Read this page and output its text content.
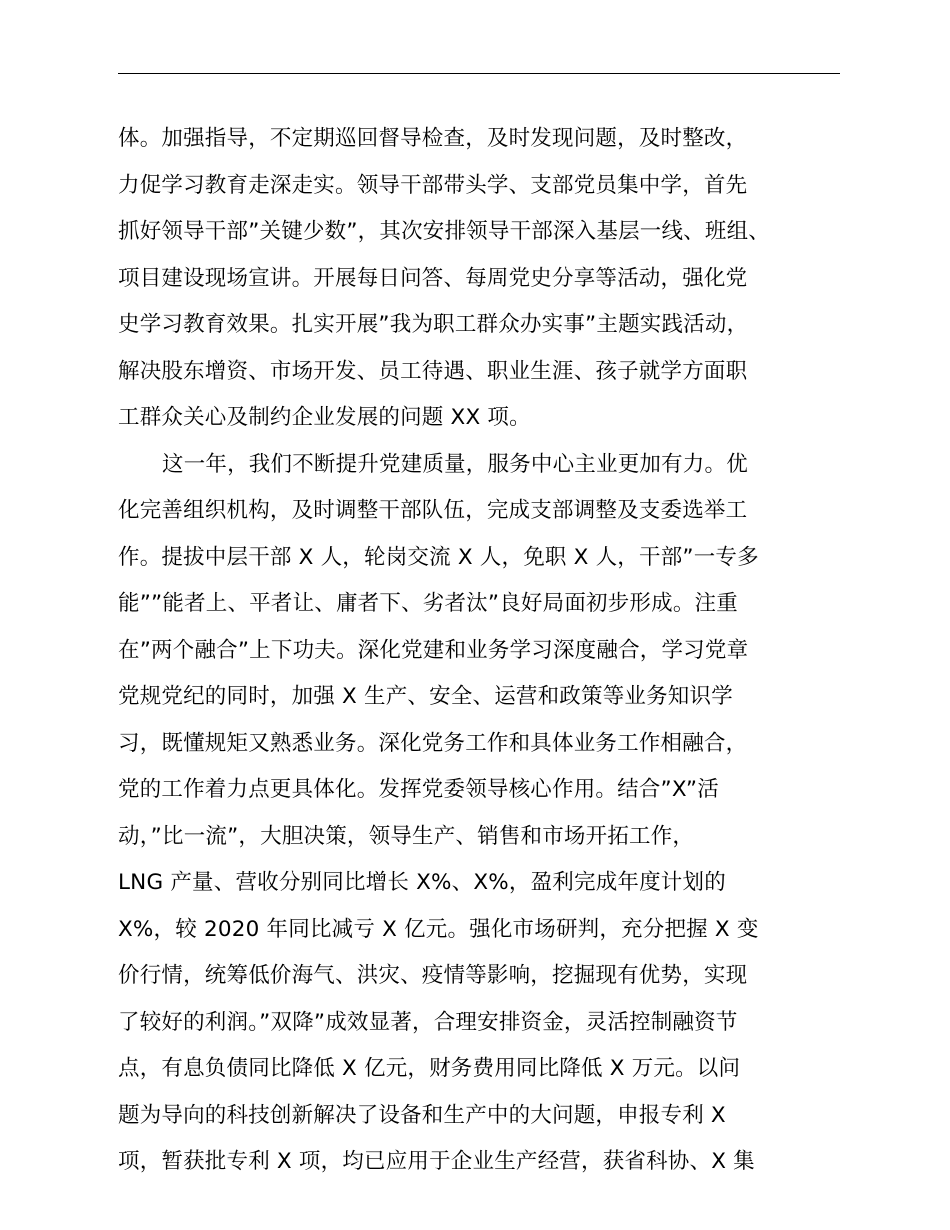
体。加强指导，不定期巡回督导检查，及时发现问题，及时整改，
力促学习教育走深走实。领导干部带头学、支部党员集中学，首先
抓好领导干部”关键少数”，其次安排领导干部深入基层一线、班组、
项目建设现场宣讲。开展每日问答、每周党史分享等活动，强化党
史学习教育效果。扎实开展”我为职工群众办实事”主题实践活动，
解决股东增资、市场开发、员工待遇、职业生涯、孩子就学方面职
工群众关心及制约企业发展的问题 XX 项。
这一年，我们不断提升党建质量，服务中心主业更加有力。优
化完善组织机构，及时调整干部队伍，完成支部调整及支委选举工
作。提拔中层干部 X 人，轮岗交流 X 人，免职 X 人，干部”一专多
能””能者上、平者让、庸者下、劣者汰”良好局面初步形成。注重
在”两个融合”上下功夫。深化党建和业务学习深度融合，学习党章
党规党纪的同时，加强 X 生产、安全、运营和政策等业务知识学
习，既懂规矩又熟悉业务。深化党务工作和具体业务工作相融合，
党的工作着力点更具体化。发挥党委领导核心作用。结合”X”活
动，”比一流”，大胆决策，领导生产、销售和市场开拓工作，
LNG 产量、营收分别同比增长 X%、X%，盈利完成年度计划的
X%，较 2020 年同比减亏 X 亿元。强化市场研判，充分把握 X 变
价行情，统筹低价海气、洪灾、疫情等影响，挖掘现有优势，实现
了较好的利润。”双降”成效显著，合理安排资金，灵活控制融资节
点，有息负债同比降低 X 亿元，财务费用同比降低 X 万元。以问
题为导向的科技创新解决了设备和生产中的大问题，申报专利 X
项，暂获批专利 X 项，均已应用于企业生产经营，获省科协、X 集
